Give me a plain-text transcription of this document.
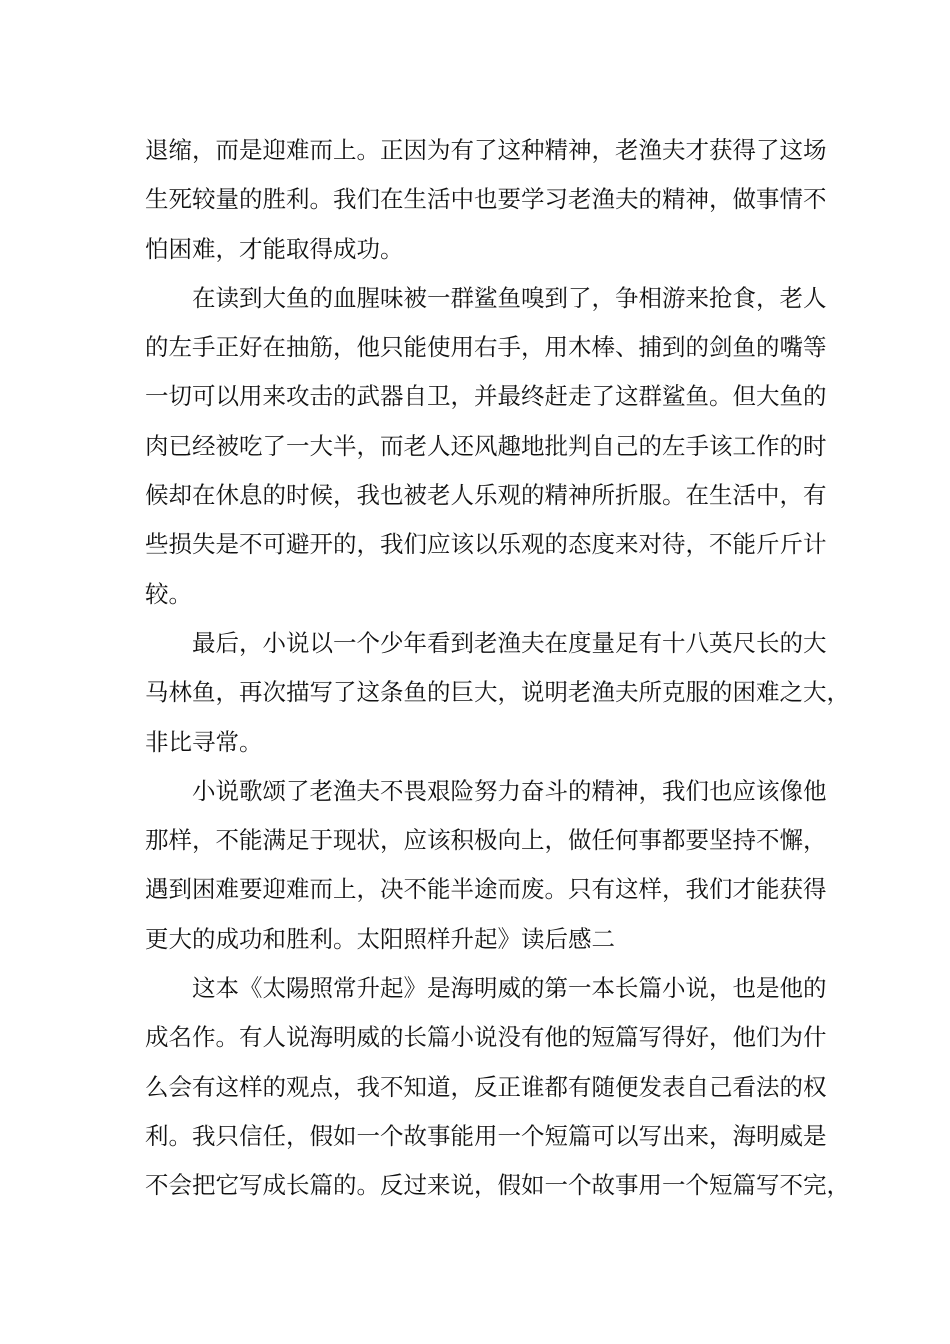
退缩，而是迎难而上。正因为有了这种精神，老渔夫才获得了这场
生死较量的胜利。我们在生活中也要学习老渔夫的精神，做事情不
怕困难，才能取得成功。
在读到大鱼的血腥味被一群鲨鱼嗅到了，争相游来抢食，老人
的左手正好在抽筋，他只能使用右手，用木棒、捕到的剑鱼的嘴等
一切可以用来攻击的武器自卫，并最终赶走了这群鲨鱼。但大鱼的
肉已经被吃了一大半，而老人还风趣地批判自己的左手该工作的时
候却在休息的时候，我也被老人乐观的精神所折服。在生活中，有
些损失是不可避开的，我们应该以乐观的态度来对待，不能斤斤计
较。
最后，小说以一个少年看到老渔夫在度量足有十八英尺长的大
马林鱼，再次描写了这条鱼的巨大，说明老渔夫所克服的困难之大，
非比寻常。
小说歌颂了老渔夫不畏艰险努力奋斗的精神，我们也应该像他
那样，不能满足于现状，应该积极向上，做任何事都要坚持不懈，
遇到困难要迎难而上，决不能半途而废。只有这样，我们才能获得
更大的成功和胜利。太阳照样升起》读后感二
这本《太陽照常升起》是海明威的第一本长篇小说，也是他的
成名作。有人说海明威的长篇小说没有他的短篇写得好，他们为什
么会有这样的观点，我不知道，反正谁都有随便发表自己看法的权
利。我只信任，假如一个故事能用一个短篇可以写出来，海明威是
不会把它写成长篇的。反过来说，假如一个故事用一个短篇写不完，
